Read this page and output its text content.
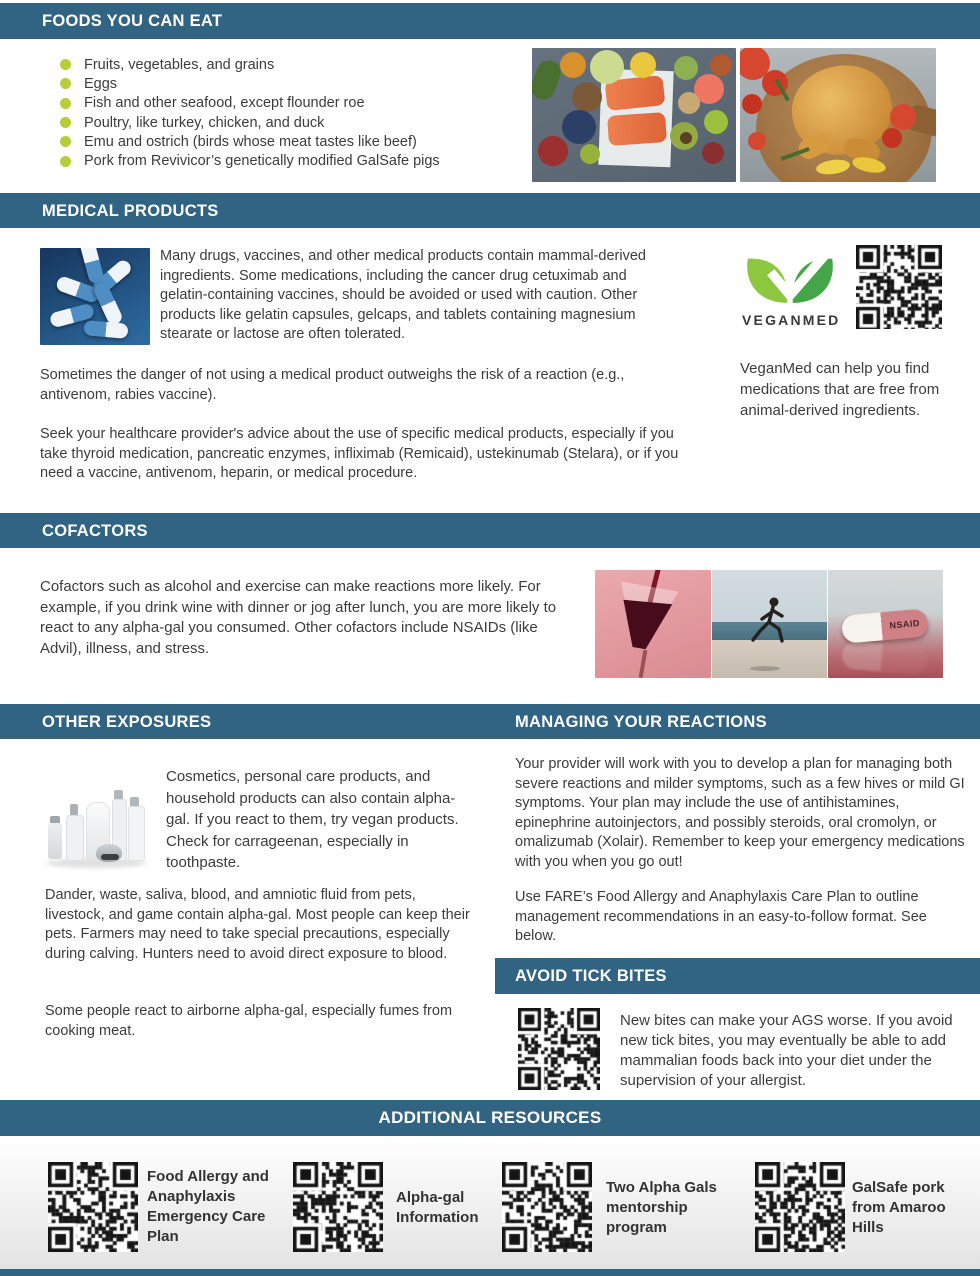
FOODS YOU CAN EAT
Fruits, vegetables, and grains
Eggs
Fish and other seafood, except flounder roe
Poultry, like turkey, chicken, and duck
Emu and ostrich (birds whose meat tastes like beef)
Pork from Revivicor’s genetically modified GalSafe pigs
MEDICAL PRODUCTS
Many drugs, vaccines, and other medical products contain mammal-derived ingredients. Some medications, including the cancer drug cetuximab and gelatin-containing vaccines, should be avoided or used with caution. Other products like gelatin capsules, gelcaps, and tablets containing magnesium stearate or lactose are often tolerated.
Sometimes the danger of not using a medical product outweighs the risk of a reaction (e.g., antivenom, rabies vaccine).
Seek your healthcare provider's advice about the use of specific medical products, especially if you take thyroid medication, pancreatic enzymes, infliximab (Remicaid), ustekinumab (Stelara), or if you need a vaccine, antivenom, heparin, or medical procedure.
VEGANMED
VeganMed can help you find medications that are free from animal-derived ingredients.
COFACTORS
Cofactors such as alcohol and exercise can make reactions more likely. For example, if you drink wine with dinner or jog after lunch, you are more likely to react to any alpha-gal you consumed. Other cofactors include NSAIDs (like Advil), illness, and stress.
NSAID
OTHER EXPOSURES
Cosmetics, personal care products, and household products can also contain alpha-gal. If you react to them, try vegan products. Check for carrageenan, especially in toothpaste.
Dander, waste, saliva, blood, and amniotic fluid from pets, livestock, and game contain alpha-gal. Most people can keep their pets. Farmers may need to take special precautions, especially during calving. Hunters need to avoid direct exposure to blood.
Some people react to airborne alpha-gal, especially fumes from cooking meat.
MANAGING YOUR REACTIONS
Your provider will work with you to develop a plan for managing both severe reactions and milder symptoms, such as a few hives or mild GI symptoms. Your plan may include the use of antihistamines, epinephrine autoinjectors, and possibly steroids, oral cromolyn, or omalizumab (Xolair). Remember to keep your emergency medications with you when you go out!
Use FARE’s Food Allergy and Anaphylaxis Care Plan to outline management recommendations in an easy-to-follow format. See below.
AVOID TICK BITES
New bites can make your AGS worse. If you avoid new tick bites, you may eventually be able to add mammalian foods back into your diet under the supervision of your allergist.
ADDITIONAL RESOURCES
Food Allergy and Anaphylaxis Emergency Care Plan
Alpha-gal Information
Two Alpha Gals mentorship program
GalSafe pork from Amaroo Hills
